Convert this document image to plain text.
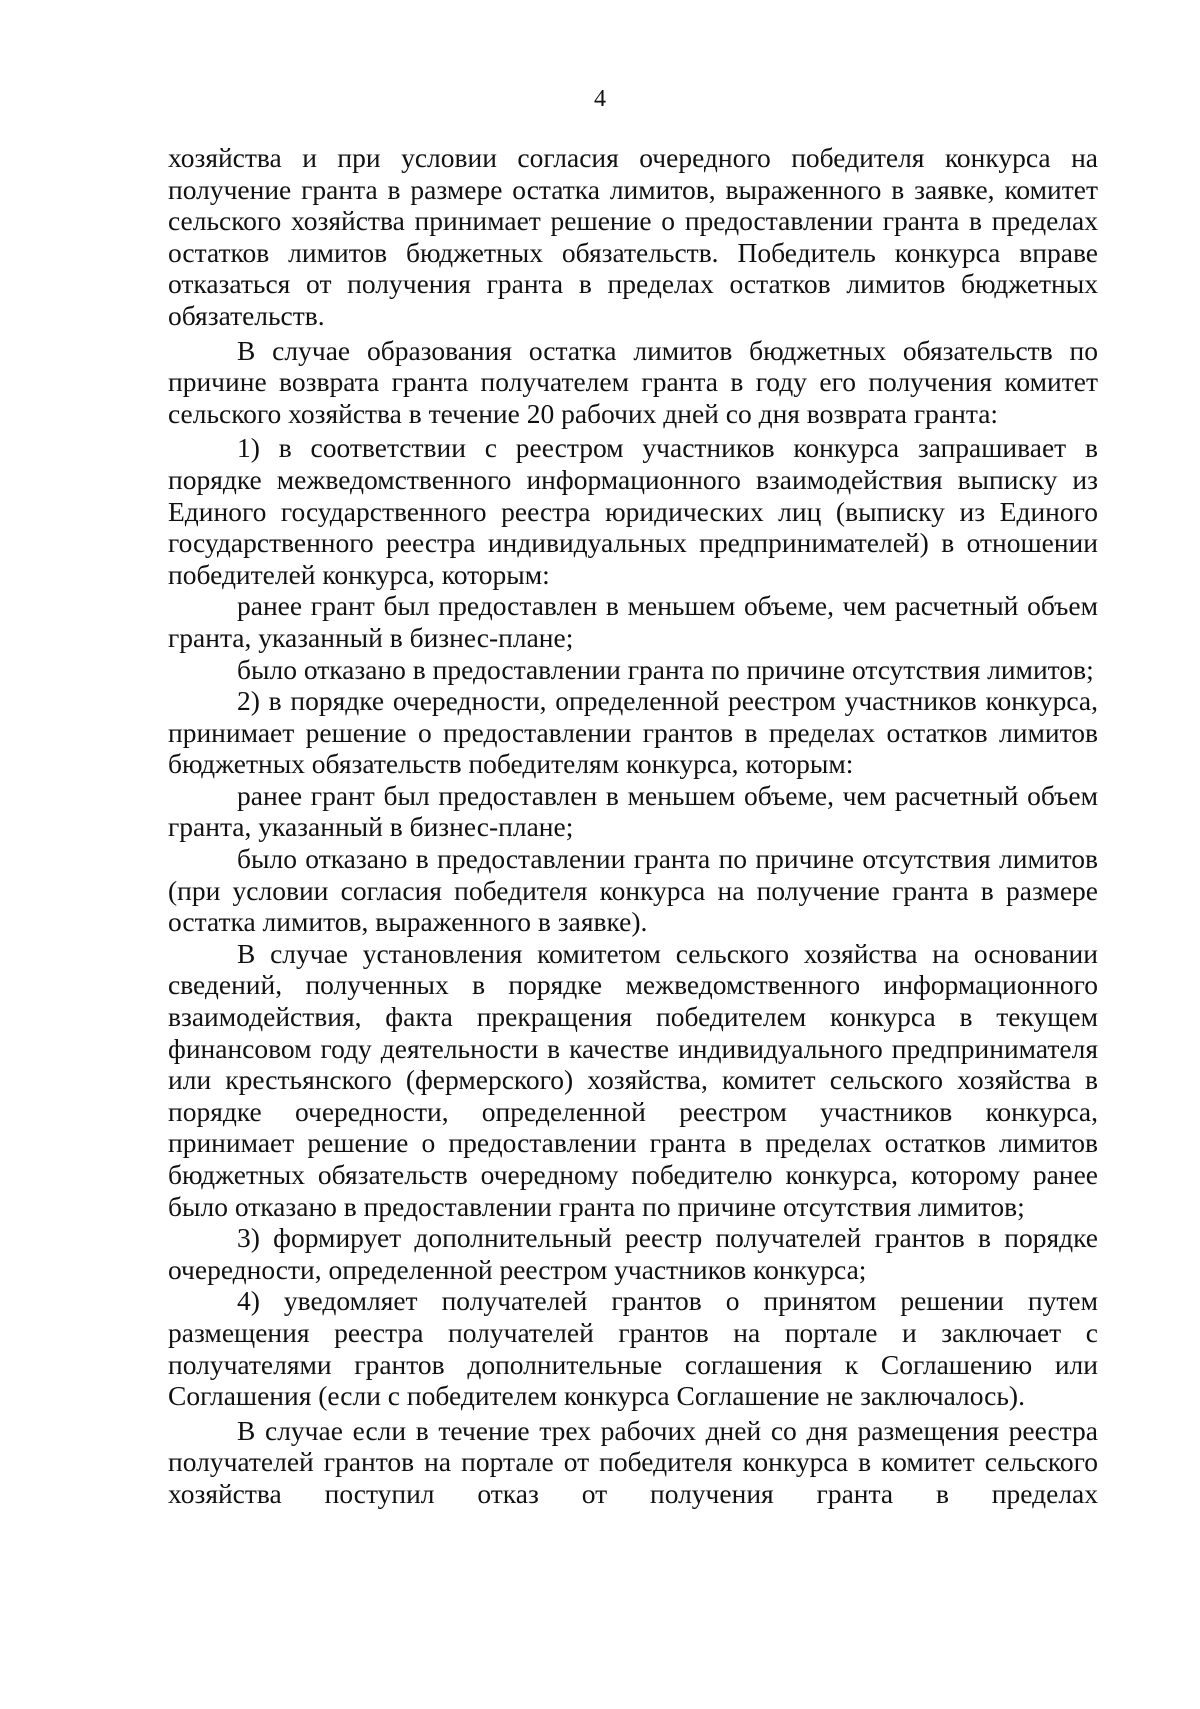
4

хозяйства и при условии согласия очередного победителя конкурса на получение гранта в размере остатка лимитов, выраженного в заявке, комитет сельского хозяйства принимает решение о предоставлении гранта в пределах остатков лимитов бюджетных обязательств. Победитель конкурса вправе отказаться от получения гранта в пределах остатков лимитов бюджетных обязательств.

В случае образования остатка лимитов бюджетных обязательств по причине возврата гранта получателем гранта в году его получения комитет сельского хозяйства в течение 20 рабочих дней со дня возврата гранта:

1) в соответствии с реестром участников конкурса запрашивает в порядке межведомственного информационного взаимодействия выписку из Единого государственного реестра юридических лиц (выписку из Единого государственного реестра индивидуальных предпринимателей) в отношении победителей конкурса, которым:

ранее грант был предоставлен в меньшем объеме, чем расчетный объем гранта, указанный в бизнес-плане;

было отказано в предоставлении гранта по причине отсутствия лимитов;

2) в порядке очередности, определенной реестром участников конкурса, принимает решение о предоставлении грантов в пределах остатков лимитов бюджетных обязательств победителям конкурса, которым:

ранее грант был предоставлен в меньшем объеме, чем расчетный объем гранта, указанный в бизнес-плане;

было отказано в предоставлении гранта по причине отсутствия лимитов (при условии согласия победителя конкурса на получение гранта в размере остатка лимитов, выраженного в заявке).

В случае установления комитетом сельского хозяйства на основании сведений, полученных в порядке межведомственного информационного взаимодействия, факта прекращения победителем конкурса в текущем финансовом году деятельности в качестве индивидуального предпринимателя или крестьянского (фермерского) хозяйства, комитет сельского хозяйства в порядке очередности, определенной реестром участников конкурса, принимает решение о предоставлении гранта в пределах остатков лимитов бюджетных обязательств очередному победителю конкурса, которому ранее было отказано в предоставлении гранта по причине отсутствия лимитов;

3) формирует дополнительный реестр получателей грантов в порядке очередности, определенной реестром участников конкурса;

4) уведомляет получателей грантов о принятом решении путем размещения реестра получателей грантов на портале и заключает с получателями грантов дополнительные соглашения к Соглашению или Соглашения (если с победителем конкурса Соглашение не заключалось).

В случае если в течение трех рабочих дней со дня размещения реестра получателей грантов на портале от победителя конкурса в комитет сельского хозяйства поступил отказ от получения гранта в пределах
